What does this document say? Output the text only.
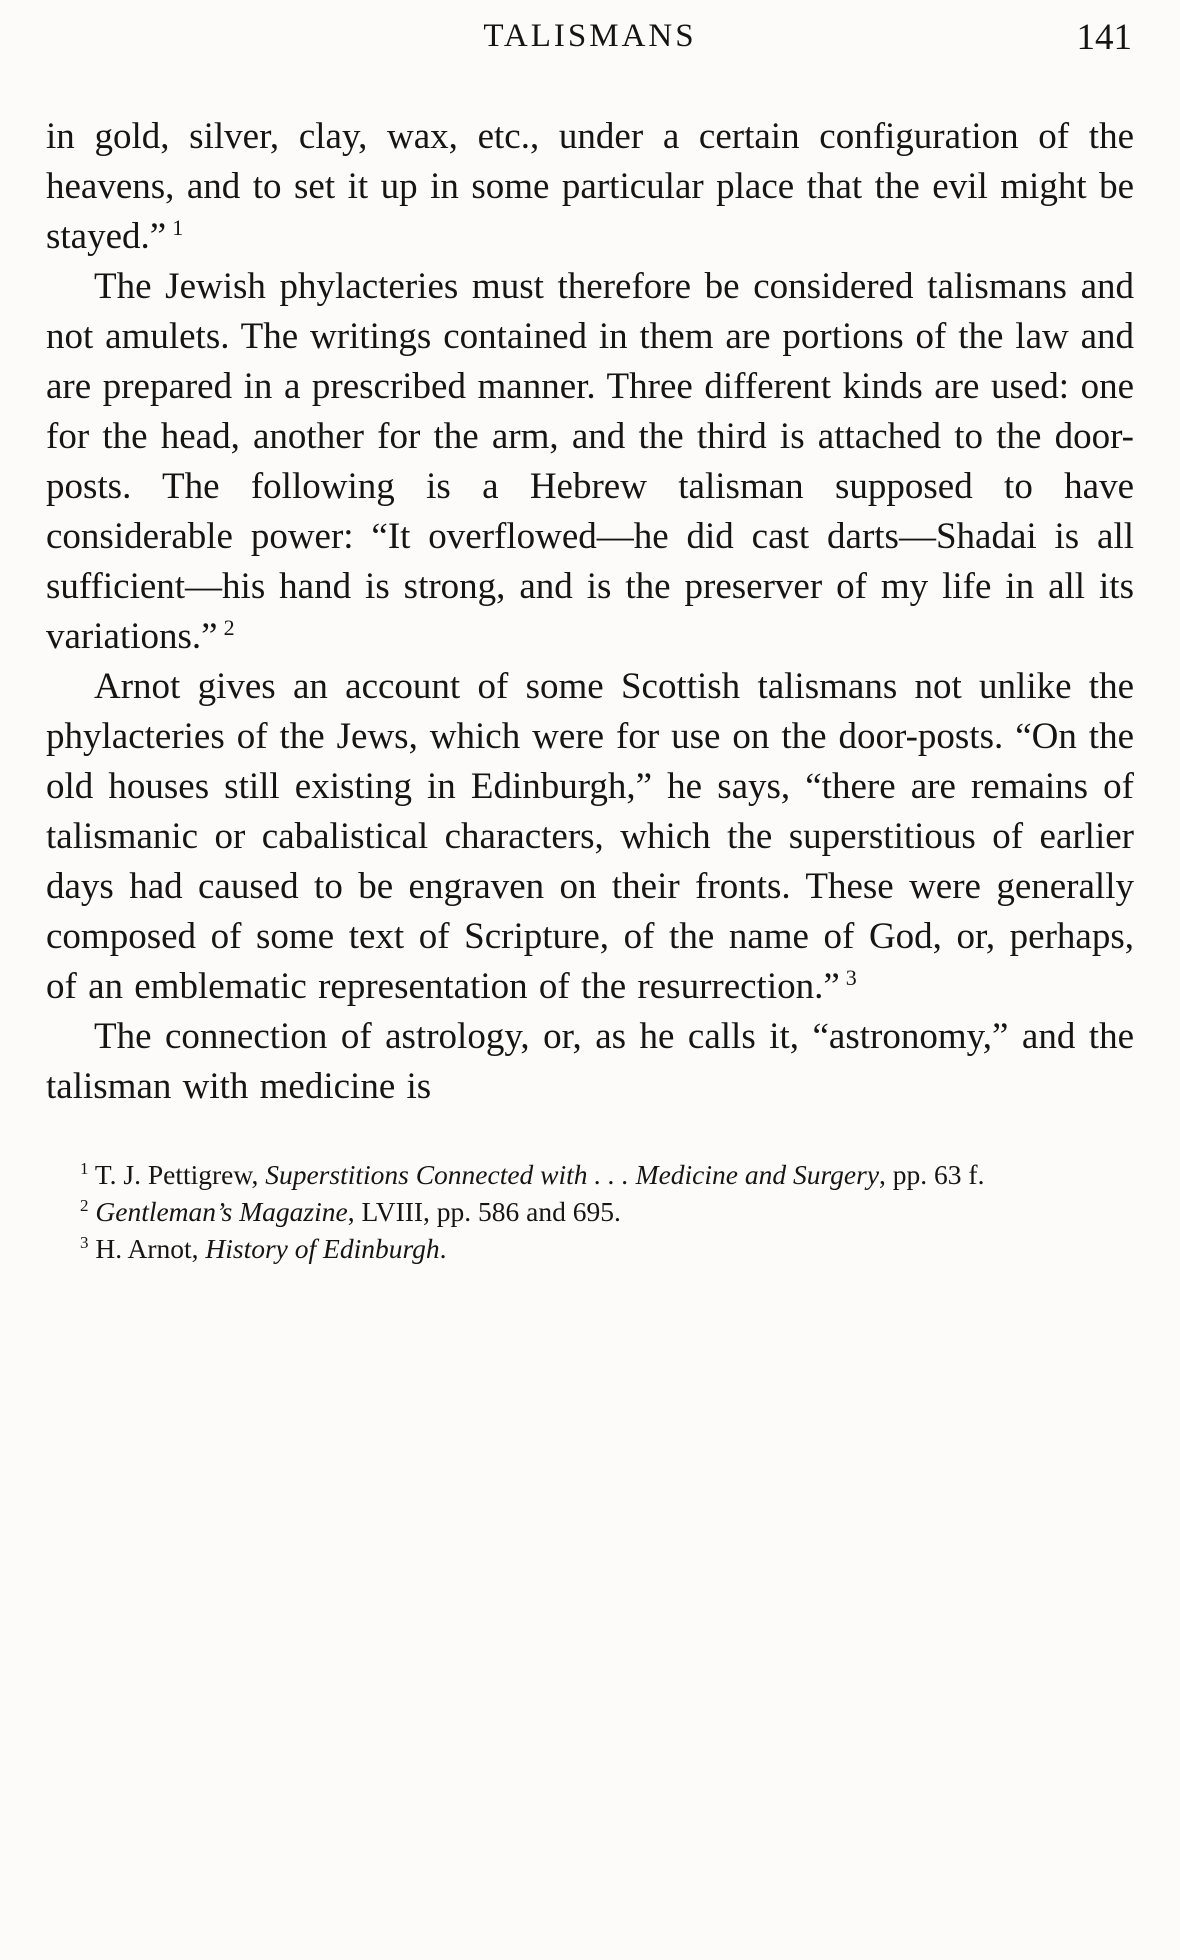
TALISMANS	141

in gold, silver, clay, wax, etc., under a certain configuration of the heavens, and to set it up in some particular place that the evil might be stayed.” $^1$

The Jewish phylacteries must therefore be considered talismans and not amulets. The writings contained in them are portions of the law and are prepared in a prescribed manner. Three different kinds are used: one for the head, another for the arm, and the third is attached to the door-posts. The following is a Hebrew talisman supposed to have considerable power: “It overflowed—he did cast darts—Shadai is all sufficient—his hand is strong, and is the preserver of my life in all its variations.” $^2$

Arnot gives an account of some Scottish talismans not unlike the phylacteries of the Jews, which were for use on the door-posts. “On the old houses still existing in Edinburgh,” he says, “there are remains of talismanic or cabalistical characters, which the superstitious of earlier days had caused to be engraven on their fronts. These were generally composed of some text of Scripture, of the name of God, or, perhaps, of an emblematic representation of the resurrection.” $^3$

The connection of astrology, or, as he calls it, “astronomy,” and the talisman with medicine is

$^1$ T. J. Pettigrew, Superstitions Connected with . . . Medicine and Surgery, pp. 63 f.

$^2$ Gentleman’s Magazine, LVIII, pp. 586 and 695.

$^3$ H. Arnot, History of Edinburgh.
